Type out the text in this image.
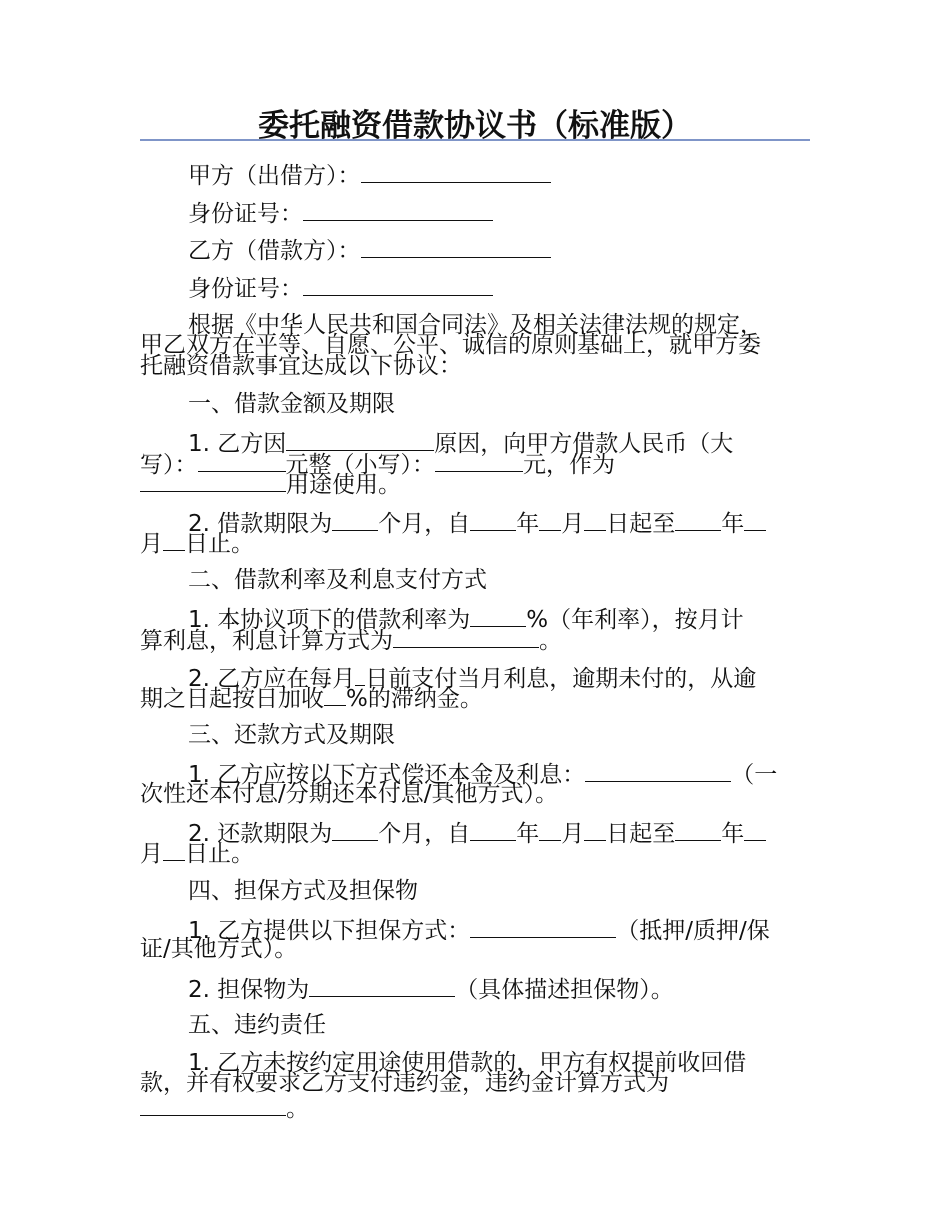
委托融资借款协议书（标准版）
甲方（出借方）：
身份证号：
乙方（借款方）：
身份证号：
根据《中华人民共和国合同法》及相关法律法规的规定，
甲乙双方在平等、自愿、公平、诚信的原则基础上，就甲方委
托融资借款事宜达成以下协议：
一、借款金额及期限
1. 乙方因	原因，向甲方借款人民币（大
写）：	元整（小写）：	元，作为
用途使用。
2. 借款期限为 个月，自 年 月 日起至 年
月 日止。
二、借款利率及利息支付方式
1. 本协议项下的借款利率为 %（年利率），按月计
算利息，利息计算方式为	。
2. 乙方应在每月 日前支付当月利息，逾期未付的，从逾
期之日起按日加收 %的滞纳金。
三、还款方式及期限
1. 乙方应按以下方式偿还本金及利息：	（一
次性还本付息/分期还本付息/其他方式）。
2. 还款期限为 个月，自 年 月 日起至 年
月 日止。
四、担保方式及担保物
1. 乙方提供以下担保方式：	（抵押/质押/保
证/其他方式）。
2. 担保物为	（具体描述担保物）。
五、违约责任
1. 乙方未按约定用途使用借款的，甲方有权提前收回借
款，并有权要求乙方支付违约金，违约金计算方式为
。
